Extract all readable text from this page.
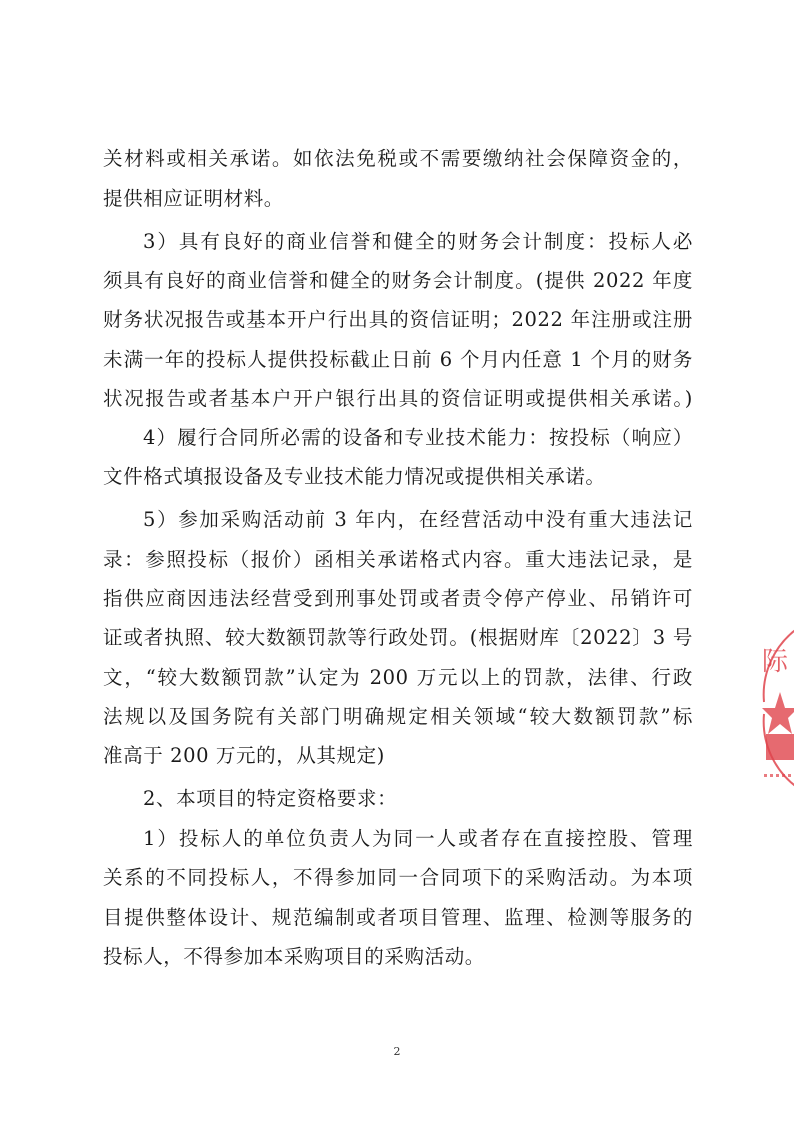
关材料或相关承诺。如依法免税或不需要缴纳社会保障资金的，
提供相应证明材料。
3）具有良好的商业信誉和健全的财务会计制度：投标人必
须具有良好的商业信誉和健全的财务会计制度。(提供 2022 年度
财务状况报告或基本开户行出具的资信证明；2022 年注册或注册
未满一年的投标人提供投标截止日前 6 个月内任意 1 个月的财务
状况报告或者基本户开户银行出具的资信证明或提供相关承诺。)
4）履行合同所必需的设备和专业技术能力：按投标（响应）
文件格式填报设备及专业技术能力情况或提供相关承诺。
5）参加采购活动前 3 年内，在经营活动中没有重大违法记
录：参照投标（报价）函相关承诺格式内容。重大违法记录，是
指供应商因违法经营受到刑事处罚或者责令停产停业、吊销许可
证或者执照、较大数额罚款等行政处罚。(根据财库〔2022〕3 号
文，“较大数额罚款”认定为 200 万元以上的罚款，法律、行政
法规以及国务院有关部门明确规定相关领域“较大数额罚款”标
准高于 200 万元的，从其规定)
2、本项目的特定资格要求：
1）投标人的单位负责人为同一人或者存在直接控股、管理
关系的不同投标人，不得参加同一合同项下的采购活动。为本项
目提供整体设计、规范编制或者项目管理、监理、检测等服务的
投标人，不得参加本采购项目的采购活动。
2
际
